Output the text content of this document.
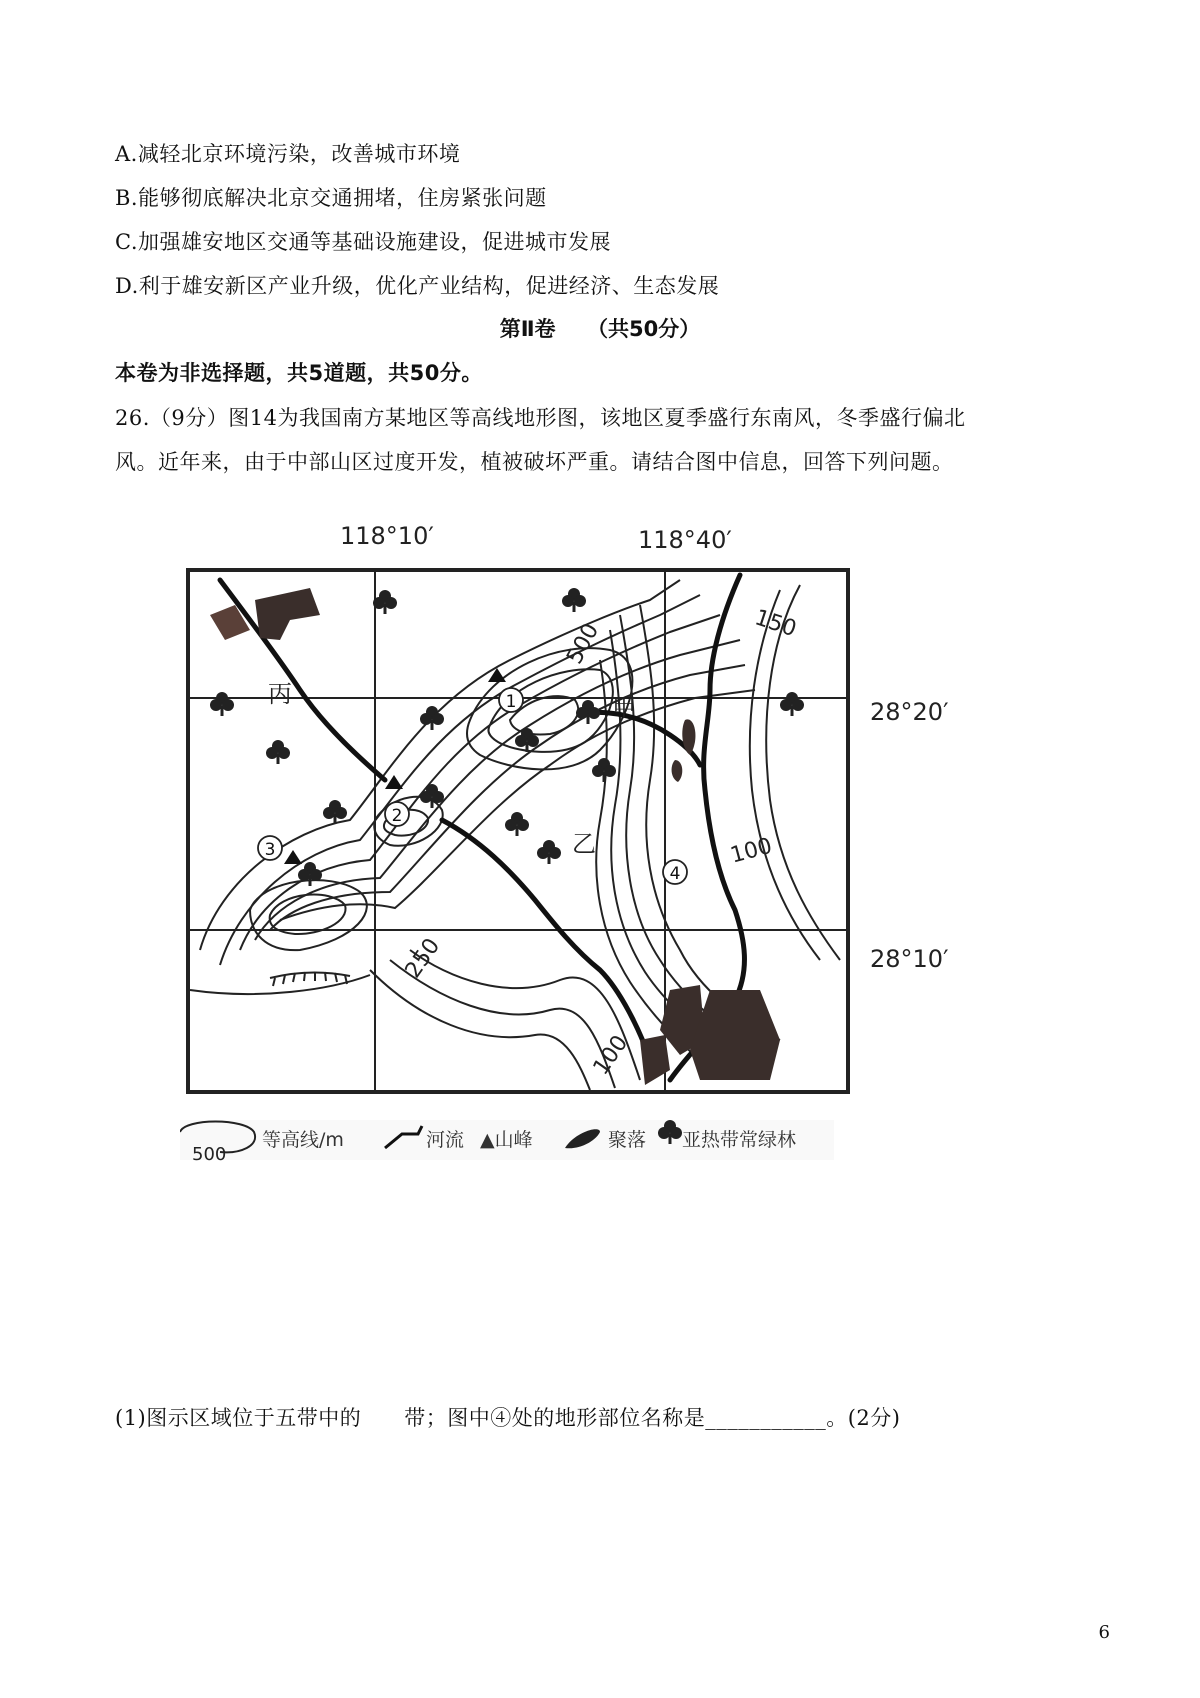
A.减轻北京环境污染，改善城市环境
B.能够彻底解决北京交通拥堵，住房紧张问题
C.加强雄安地区交通等基础设施建设，促进城市发展
D.利于雄安新区产业升级，优化产业结构，促进经济、生态发展
第Ⅱ卷　　（共50分）
本卷为非选择题，共5道题，共50分。
26.（9分）图14为我国南方某地区等高线地形图，该地区夏季盛行东南风，冬季盛行偏北
风。近年来，由于中部山区过度开发，植被破坏严重。请结合图中信息，回答下列问题。
118°10′	118°40′
28°20′
28°10′
1
2
3
4
甲
乙
丙
500	150
100
250
100
500
等高线/m	河流 ▲山峰	聚落 亚热带常绿林
(1)图示区域位于五带中的　　带；图中④处的地形部位名称是___________。(2分)
6
